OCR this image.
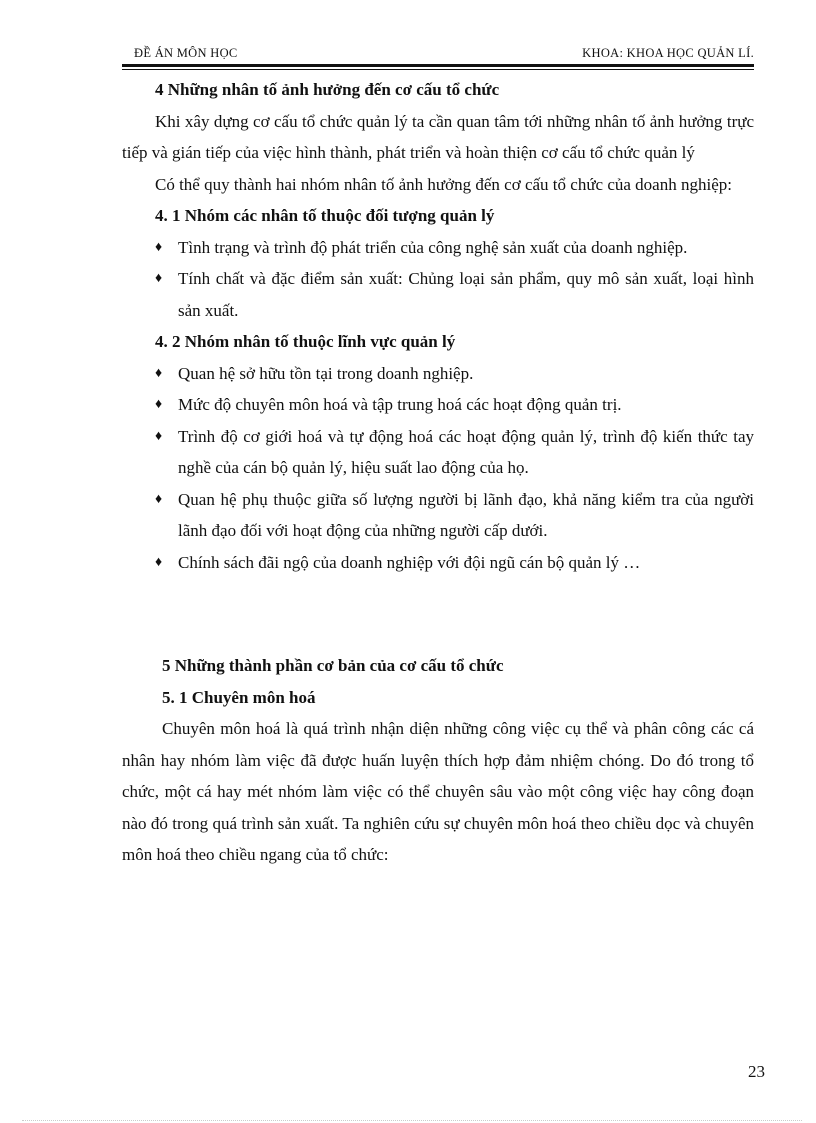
ĐỀ ÁN MÔN HỌC	KHOA: KHOA HỌC QUẢN LÍ.

4 Những nhân tố ảnh hưởng đến cơ cấu tổ chức

Khi xây dựng cơ cấu tổ chức quản lý ta cần quan tâm tới những nhân tố ảnh hưởng trực tiếp và gián tiếp của việc hình thành, phát triển và hoàn thiện cơ cấu tổ chức quản lý

Có thể quy thành hai nhóm nhân tố ảnh hưởng đến cơ cấu tổ chức của doanh nghiệp:

4. 1 Nhóm các nhân tố thuộc đối tượng quản lý

♦ Tình trạng và trình độ phát triển của công nghệ sản xuất của doanh nghiệp.
♦ Tính chất và đặc điểm sản xuất: Chủng loại sản phẩm, quy mô sản xuất, loại hình sản xuất.

4. 2 Nhóm nhân tố thuộc lĩnh vực quản lý

♦ Quan hệ sở hữu tồn tại trong doanh nghiệp.
♦ Mức độ chuyên môn hoá và tập trung hoá các hoạt động quản trị.
♦ Trình độ cơ giới hoá và tự động hoá các hoạt động quản lý, trình độ kiến thức tay nghề của cán bộ quản lý, hiệu suất lao động của họ.
♦ Quan hệ phụ thuộc giữa số lượng người bị lãnh đạo, khả năng kiểm tra của người lãnh đạo đối với hoạt động của những người cấp dưới.
♦ Chính sách đãi ngộ của doanh nghiệp với đội ngũ cán bộ quản lý …

5 Những thành phần cơ bản của cơ cấu tổ chức

5. 1 Chuyên môn hoá

Chuyên môn hoá là quá trình nhận diện những công việc cụ thể và phân công các cá nhân hay nhóm làm việc đã được huấn luyện thích hợp đảm nhiệm chóng. Do đó trong tổ chức, một cá hay mét nhóm làm việc có thể chuyên sâu vào một công việc hay công đoạn nào đó trong quá trình sản xuất. Ta nghiên cứu sự chuyên môn hoá theo chiều dọc và chuyên môn hoá theo chiều ngang của tổ chức:

23
